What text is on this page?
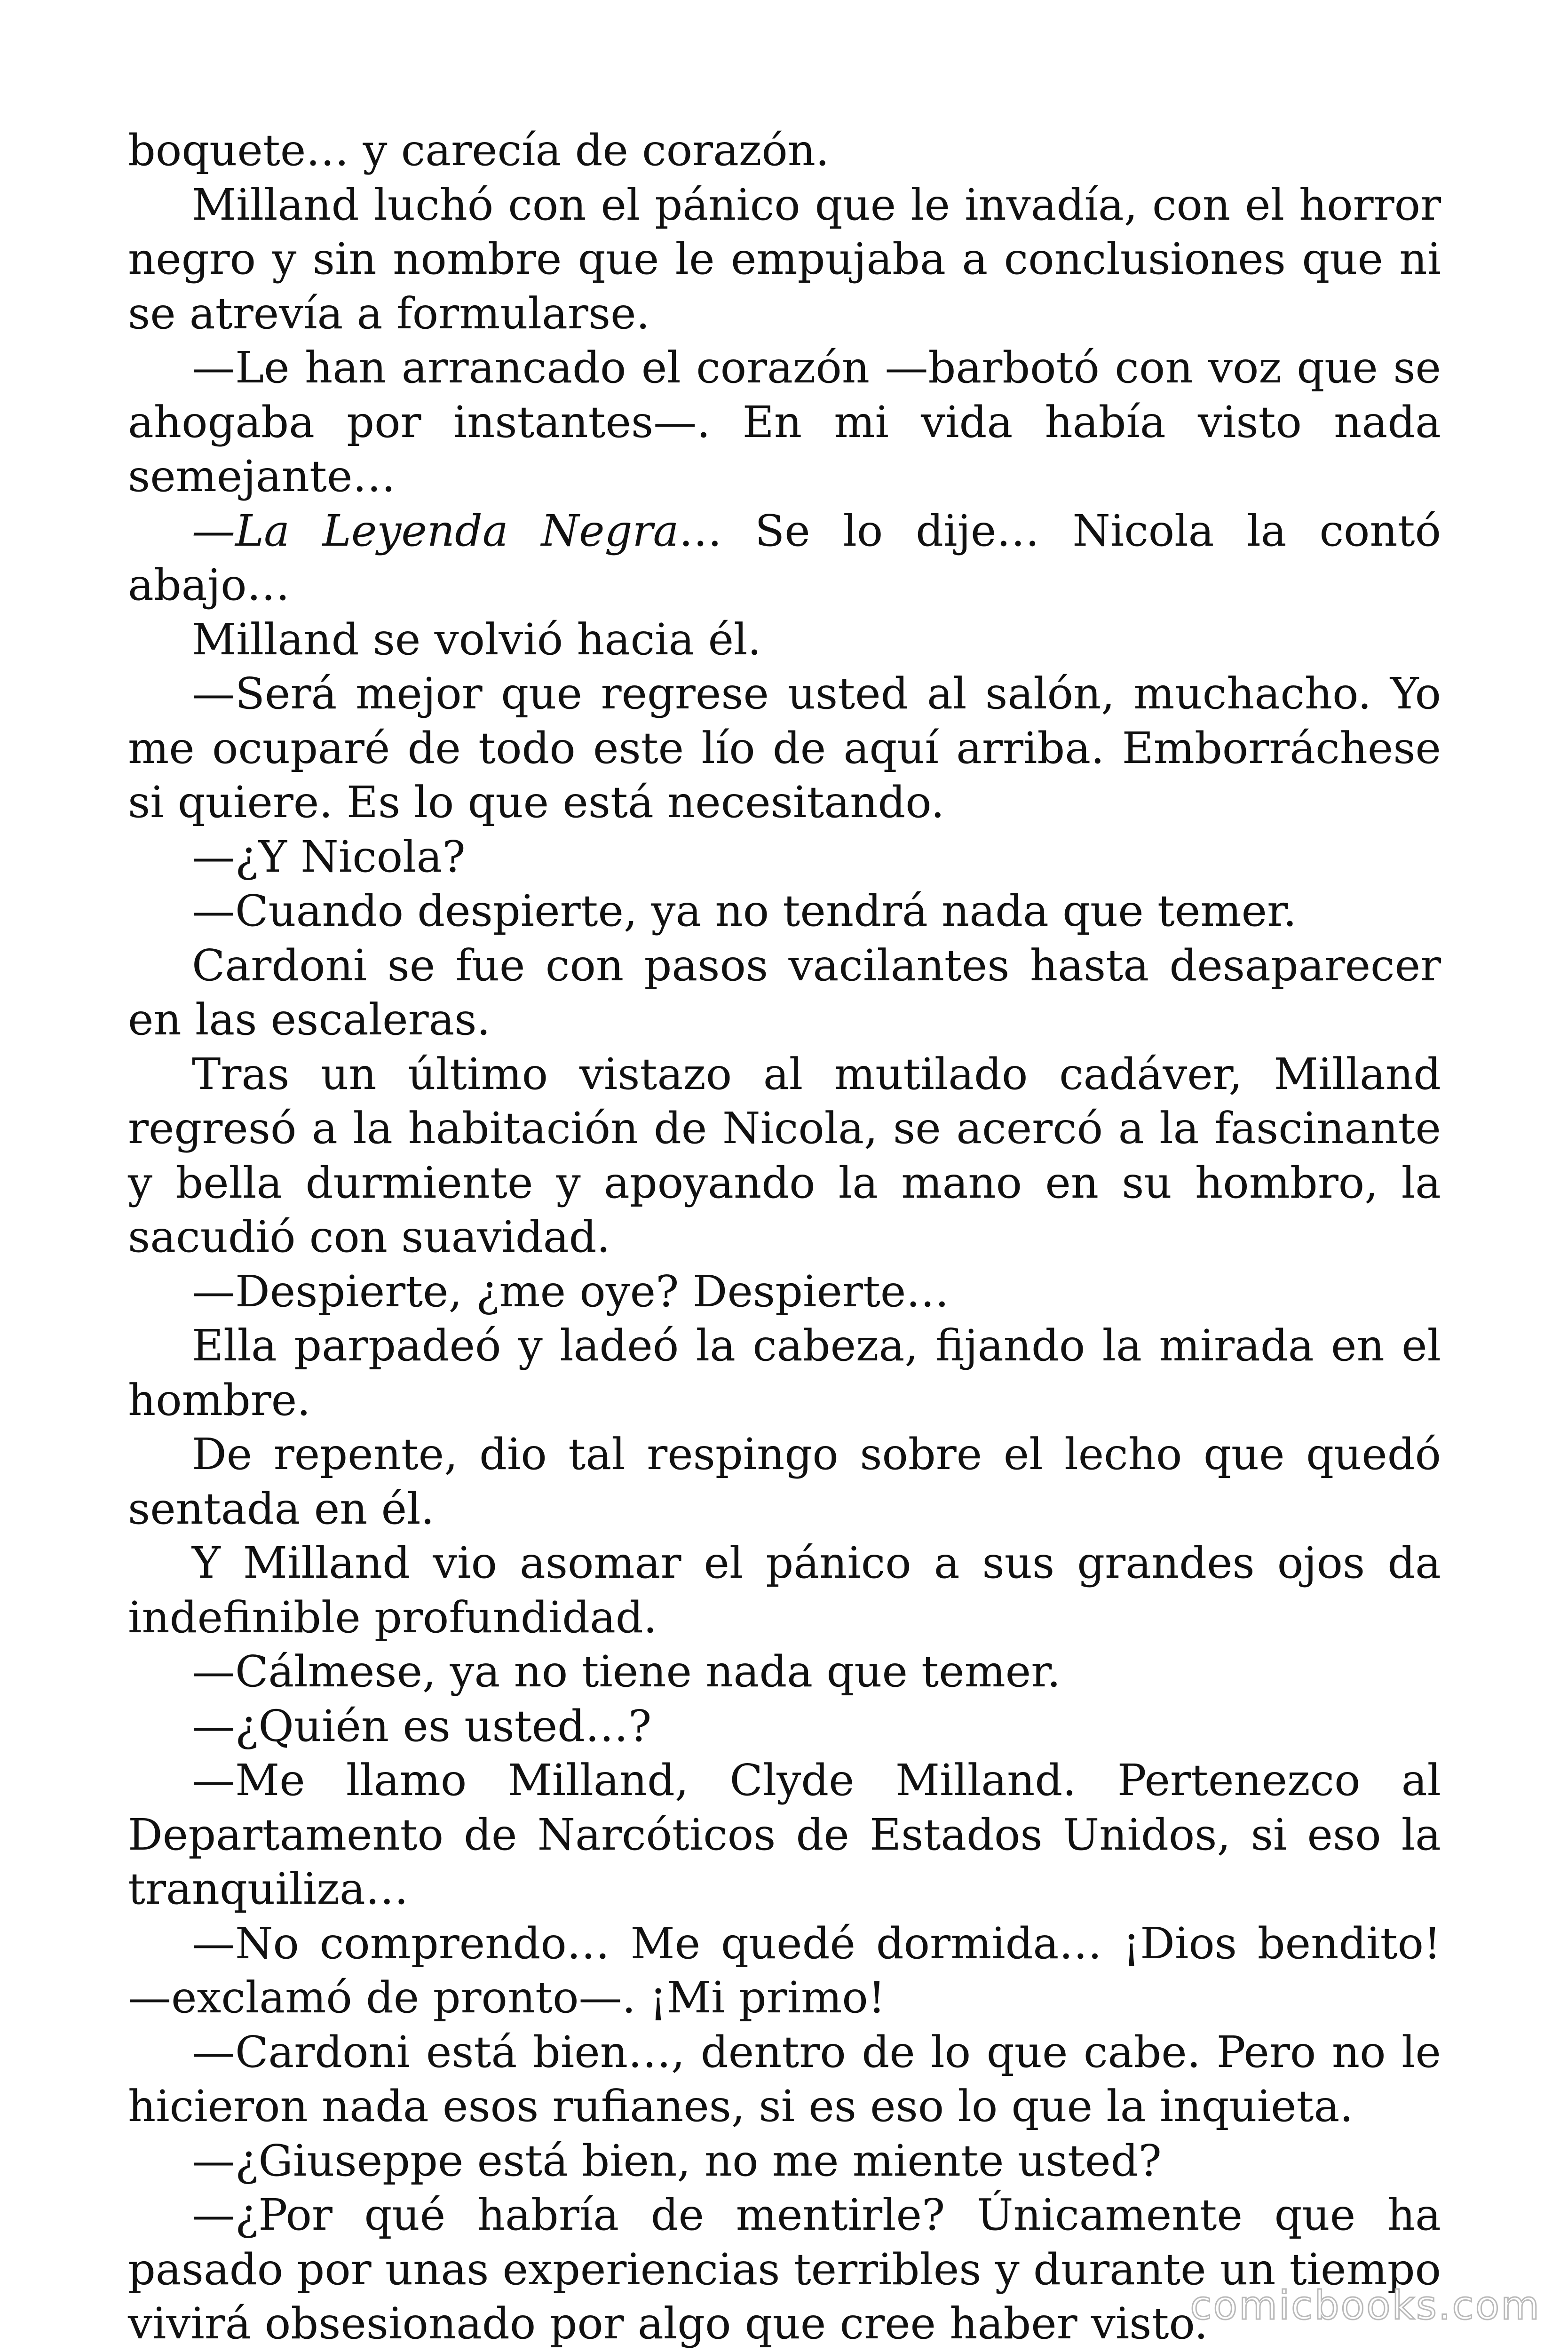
boquete… y carecía de corazón.

Milland luchó con el pánico que le invadía, con el horror negro y sin nombre que le empujaba a conclusiones que ni se atrevía a formularse.

—Le han arrancado el corazón —barbotó con voz que se ahogaba por instantes—. En mi vida había visto nada semejante…

—La Leyenda Negra… Se lo dije… Nicola la contó abajo…

Milland se volvió hacia él.

—Será mejor que regrese usted al salón, muchacho. Yo me ocuparé de todo este lío de aquí arriba. Emborráchese si quiere. Es lo que está necesitando.

—¿Y Nicola?

—Cuando despierte, ya no tendrá nada que temer.

Cardoni se fue con pasos vacilantes hasta desaparecer en las escaleras.

Tras un último vistazo al mutilado cadáver, Milland regresó a la habitación de Nicola, se acercó a la fascinante y bella durmiente y apoyando la mano en su hombro, la sacudió con suavidad.

—Despierte, ¿me oye? Despierte…

Ella parpadeó y ladeó la cabeza, fijando la mirada en el hombre.

De repente, dio tal respingo sobre el lecho que quedó sentada en él.

Y Milland vio asomar el pánico a sus grandes ojos da indefinible profundidad.

—Cálmese, ya no tiene nada que temer.

—¿Quién es usted…?

—Me llamo Milland, Clyde Milland. Pertenezco al Departamento de Narcóticos de Estados Unidos, si eso la tranquiliza…

—No comprendo… Me quedé dormida… ¡Dios bendito! —exclamó de pronto—. ¡Mi primo!

—Cardoni está bien…, dentro de lo que cabe. Pero no le hicieron nada esos rufianes, si es eso lo que la inquieta.

—¿Giuseppe está bien, no me miente usted?

—¿Por qué habría de mentirle? Únicamente que ha pasado por unas experiencias terribles y durante un tiempo vivirá obsesionado por algo que cree haber visto.

comicbooks.com
